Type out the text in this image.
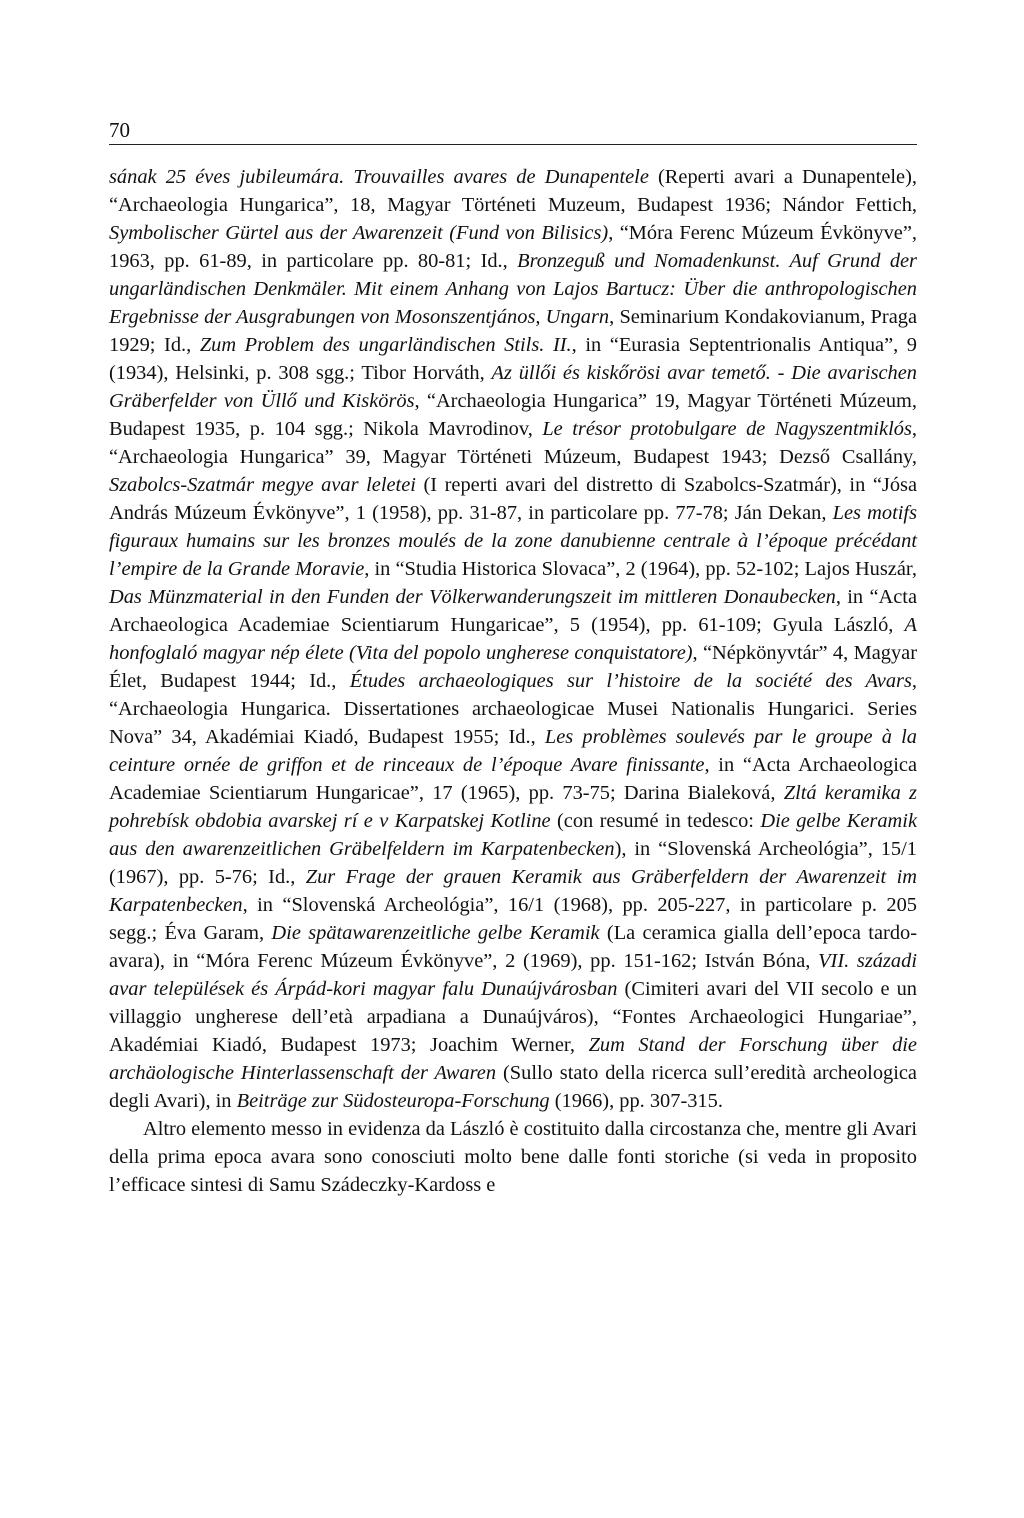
70

sának 25 éves jubileumára. Trouvailles avares de Dunapentele (Reperti avari a Dunapentele), “Archaeologia Hungarica”, 18, Magyar Történeti Muzeum, Budapest 1936; Nándor Fettich, Symbolischer Gürtel aus der Awarenzeit (Fund von Bilisics), “Móra Ferenc Múzeum Évkönyve”, 1963, pp. 61-89, in particolare pp. 80-81; Id., Bronzeguß und Nomadenkunst. Auf Grund der ungarländischen Denkmäler. Mit einem Anhang von Lajos Bartucz: Über die anthropologischen Ergebnisse der Ausgrabungen von Mosonszentjános, Ungarn, Seminarium Kondakovianum, Praga 1929; Id., Zum Problem des ungarländischen Stils. II., in “Eurasia Septentrionalis Antiqua”, 9 (1934), Helsinki, p. 308 sgg.; Tibor Horváth, Az üllői és kiskőrösi avar temető. - Die avarischen Gräberfelder von Üllő und Kiskörös, “Archaeologia Hungarica” 19, Magyar Történeti Múzeum, Budapest 1935, p. 104 sgg.; Nikola Mavrodinov, Le trésor protobulgare de Nagyszentmiklós, “Archaeologia Hungarica” 39, Magyar Történeti Múzeum, Budapest 1943; Dezső Csallány, Szabolcs-Szatmár megye avar leletei (I reperti avari del distretto di Szabolcs-Szatmár), in “Jósa András Múzeum Évkönyve”, 1 (1958), pp. 31-87, in particolare pp. 77-78; Ján Dekan, Les motifs figuraux humains sur les bronzes moulés de la zone danubienne centrale à l’époque précédant l’empire de la Grande Moravie, in “Studia Historica Slovaca”, 2 (1964), pp. 52-102; Lajos Huszár, Das Münzmaterial in den Funden der Völkerwanderungszeit im mittleren Donaubecken, in “Acta Archaeologica Academiae Scientiarum Hungaricae”, 5 (1954), pp. 61-109; Gyula László, A honfoglaló magyar nép élete (Vita del popolo ungherese conquistatore), “Népkönyvtár” 4, Magyar Élet, Budapest 1944; Id., Études archaeologiques sur l’histoire de la société des Avars, “Archaeologia Hungarica. Dissertationes archaeologicae Musei Nationalis Hungarici. Series Nova” 34, Akadémiai Kiadó, Budapest 1955; Id., Les problèmes soulevés par le groupe à la ceinture ornée de griffon et de rinceaux de l’époque Avare finissante, in “Acta Archaeologica Academiae Scientiarum Hungaricae”, 17 (1965), pp. 73-75; Darina Bialeková, Zltá keramika z pohrebísk obdobia avarskej rí e v Karpatskej Kotline (con resumé in tedesco: Die gelbe Keramik aus den awarenzeitlichen Gräbelfeldern im Karpatenbecken), in “Slovenská Archeológia”, 15/1 (1967), pp. 5-76; Id., Zur Frage der grauen Keramik aus Gräberfeldern der Awarenzeit im Karpatenbecken, in “Slovenská Archeológia”, 16/1 (1968), pp. 205-227, in particolare p. 205 segg.; Éva Garam, Die spätawarenzeitliche gelbe Keramik (La ceramica gialla dell’epoca tardo-avara), in “Móra Ferenc Múzeum Évkönyve”, 2 (1969), pp. 151-162; István Bóna, VII. századi avar települések és Árpád-kori magyar falu Dunaújvárosban (Cimiteri avari del VII secolo e un villaggio ungherese dell’età arpadiana a Dunaújváros), “Fontes Archaeologici Hungariae”, Akadémiai Kiadó, Budapest 1973; Joachim Werner, Zum Stand der Forschung über die archäologische Hinterlassenschaft der Awaren (Sullo stato della ricerca sull’eredità archeologica degli Avari), in Beiträge zur Südosteuropa-Forschung (1966), pp. 307-315.

Altro elemento messo in evidenza da László è costituito dalla circostanza che, mentre gli Avari della prima epoca avara sono conosciuti molto bene dalle fonti storiche (si veda in proposito l’efficace sintesi di Samu Szádeczky-Kardoss e
